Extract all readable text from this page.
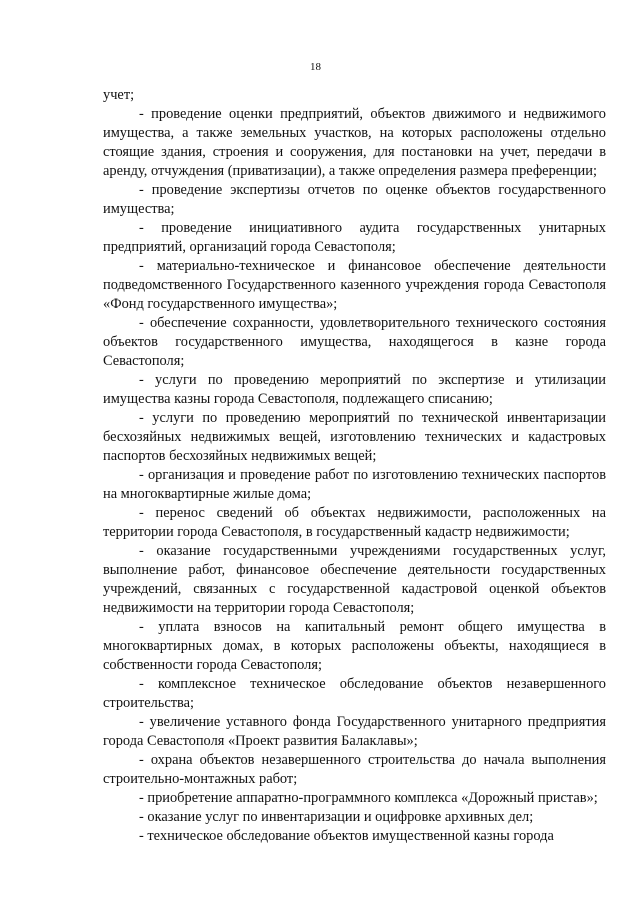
18

учет;

- проведение оценки предприятий, объектов движимого и недвижимого имущества, а также земельных участков, на которых расположены отдельно стоящие здания, строения и сооружения, для постановки на учет, передачи в аренду, отчуждения (приватизации), а также определения размера преференции;

- проведение экспертизы отчетов по оценке объектов государственного имущества;

- проведение инициативного аудита государственных унитарных предприятий, организаций города Севастополя;

- материально-техническое и финансовое обеспечение деятельности подведомственного Государственного казенного учреждения города Севастополя «Фонд государственного имущества»;

- обеспечение сохранности, удовлетворительного технического состояния объектов государственного имущества, находящегося в казне города Севастополя;

- услуги по проведению мероприятий по экспертизе и утилизации имущества казны города Севастополя, подлежащего списанию;

- услуги по проведению мероприятий по технической инвентаризации бесхозяйных недвижимых вещей, изготовлению технических и кадастровых паспортов бесхозяйных недвижимых вещей;

- организация и проведение работ по изготовлению технических паспортов на многоквартирные жилые дома;

- перенос сведений об объектах недвижимости, расположенных на территории города Севастополя, в государственный кадастр недвижимости;

- оказание государственными учреждениями государственных услуг, выполнение работ, финансовое обеспечение деятельности государственных учреждений, связанных с государственной кадастровой оценкой объектов недвижимости на территории города Севастополя;

- уплата взносов на капитальный ремонт общего имущества в многоквартирных домах, в которых расположены объекты, находящиеся в собственности города Севастополя;

- комплексное техническое обследование объектов незавершенного строительства;

- увеличение уставного фонда Государственного унитарного предприятия города Севастополя «Проект развития Балаклавы»;

- охрана объектов незавершенного строительства до начала выполнения строительно-монтажных работ;

- приобретение аппаратно-программного комплекса «Дорожный пристав»;

- оказание услуг по инвентаризации и оцифровке архивных дел;

- техническое обследование объектов имущественной казны города
